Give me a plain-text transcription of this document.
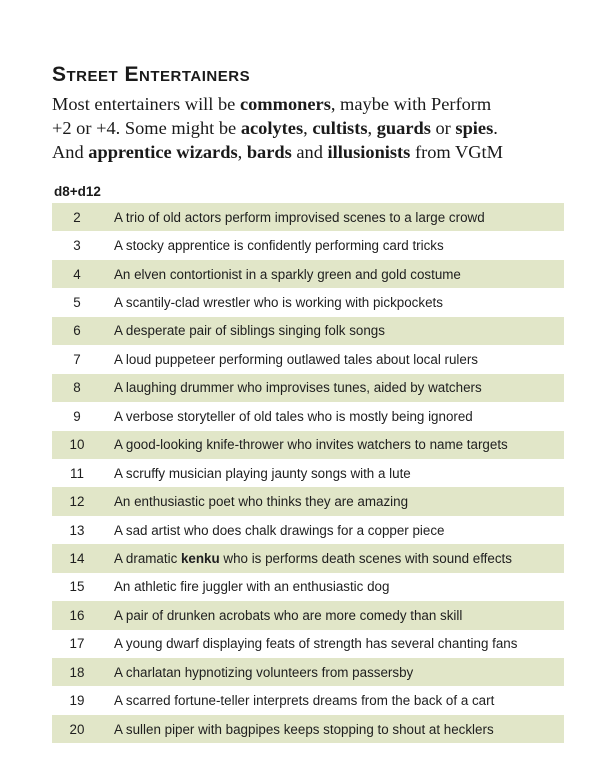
Street Entertainers

Most entertainers will be commoners, maybe with Perform
+2 or +4. Some might be acolytes, cultists, guards or spies.
And apprentice wizards, bards and illusionists from VGtM

d8+d12
2	A trio of old actors perform improvised scenes to a large crowd
3	A stocky apprentice is confidently performing card tricks
4	An elven contortionist in a sparkly green and gold costume
5	A scantily-clad wrestler who is working with pickpockets
6	A desperate pair of siblings singing folk songs
7	A loud puppeteer performing outlawed tales about local rulers
8	A laughing drummer who improvises tunes, aided by watchers
9	A verbose storyteller of old tales who is mostly being ignored
10	A good-looking knife-thrower who invites watchers to name targets
11	A scruffy musician playing jaunty songs with a lute
12	An enthusiastic poet who thinks they are amazing
13	A sad artist who does chalk drawings for a copper piece
14	A dramatic kenku who is performs death scenes with sound effects
15	An athletic fire juggler with an enthusiastic dog
16	A pair of drunken acrobats who are more comedy than skill
17	A young dwarf displaying feats of strength has several chanting fans
18	A charlatan hypnotizing volunteers from passersby
19	A scarred fortune-teller interprets dreams from the back of a cart
20	A sullen piper with bagpipes keeps stopping to shout at hecklers
